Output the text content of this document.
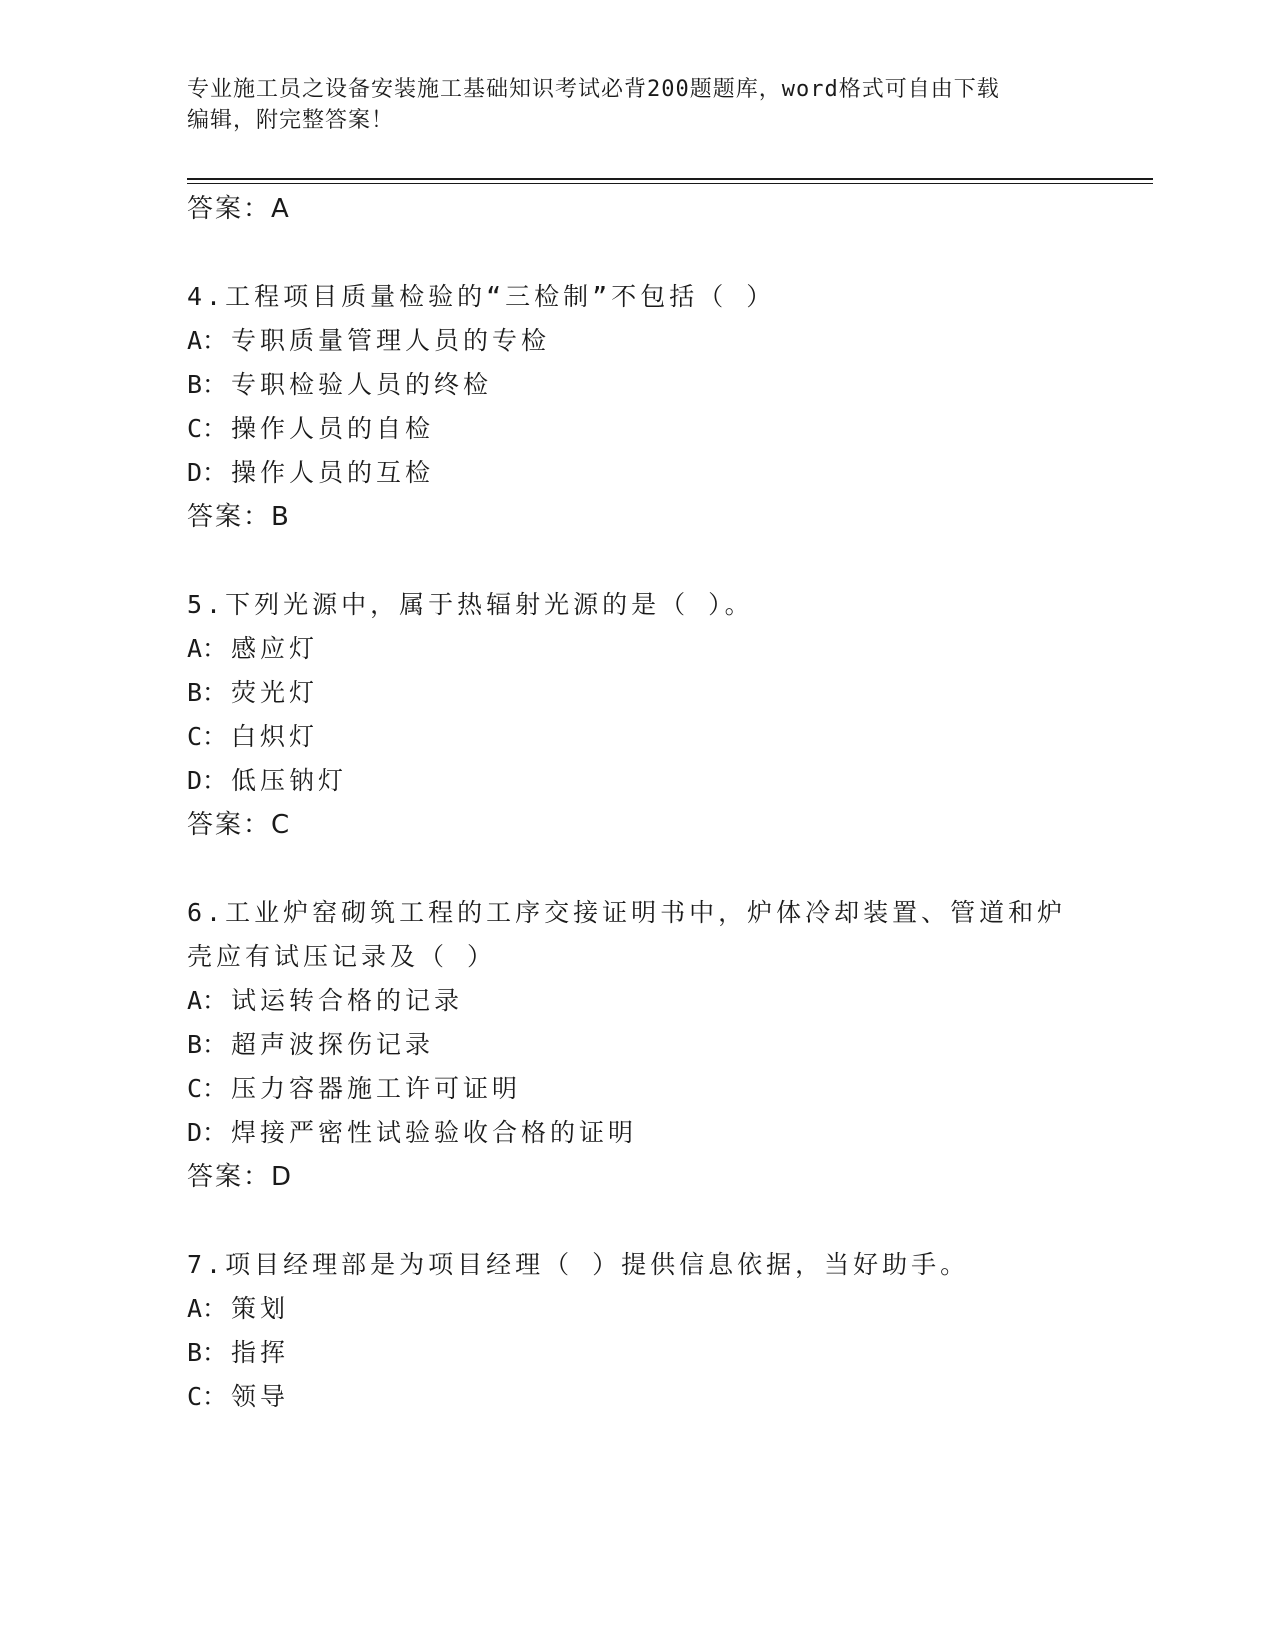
专业施工员之设备安装施工基础知识考试必背200题题库，word格式可自由下载
编辑，附完整答案！
答案：A
4.工程项目质量检验的“三检制”不包括（ ）
A： 专职质量管理人员的专检
B： 专职检验人员的终检
C： 操作人员的自检
D： 操作人员的互检
答案：B
5.下列光源中，属于热辐射光源的是（ ）。
A： 感应灯
B： 荧光灯
C： 白炽灯
D： 低压钠灯
答案：C
6.工业炉窑砌筑工程的工序交接证明书中，炉体冷却装置、管道和炉
壳应有试压记录及（ ）
A： 试运转合格的记录
B： 超声波探伤记录
C： 压力容器施工许可证明
D： 焊接严密性试验验收合格的证明
答案：D
7.项目经理部是为项目经理（ ）提供信息依据，当好助手。
A： 策划
B： 指挥
C： 领导
